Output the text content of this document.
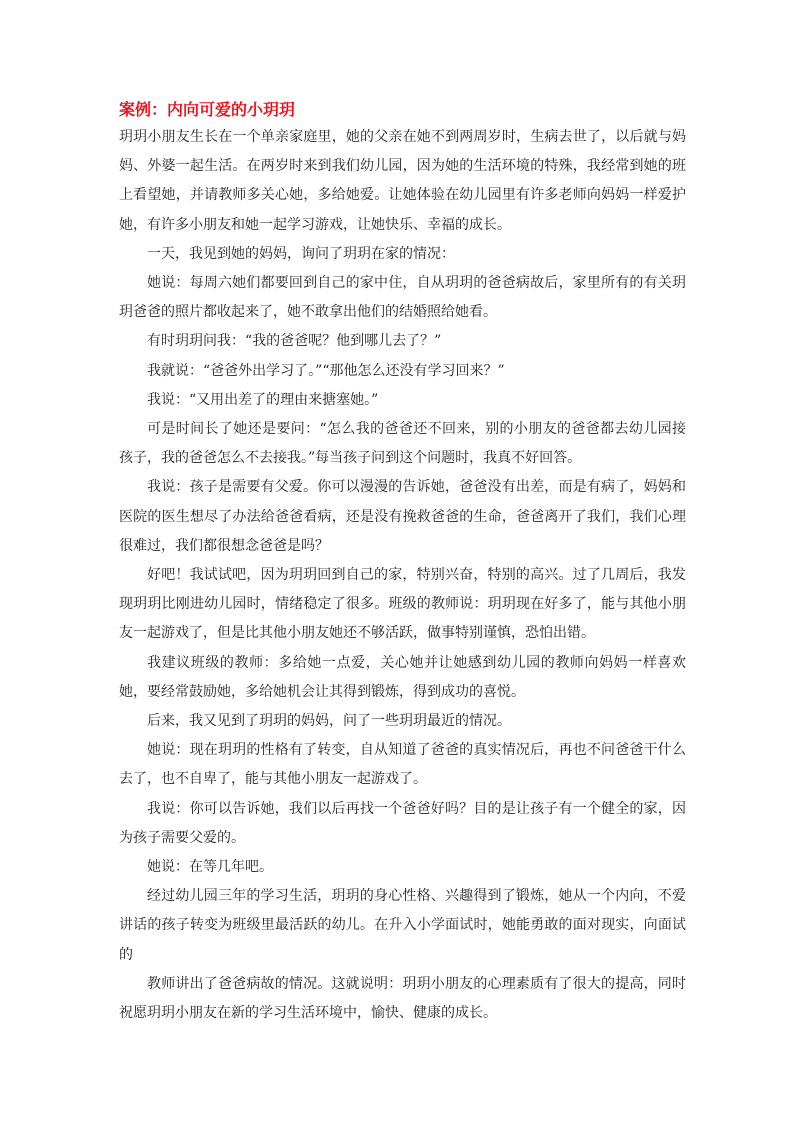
案例：内向可爱的小玥玥

玥玥小朋友生长在一个单亲家庭里，她的父亲在她不到两周岁时，生病去世了，以后就与妈妈、外婆一起生活。在两岁时来到我们幼儿园，因为她的生活环境的特殊，我经常到她的班上看望她，并请教师多关心她，多给她爱。让她体验在幼儿园里有许多老师向妈妈一样爱护她，有许多小朋友和她一起学习游戏，让她快乐、幸福的成长。

一天，我见到她的妈妈，询问了玥玥在家的情况：

她说：每周六她们都要回到自己的家中住，自从玥玥的爸爸病故后，家里所有的有关玥玥爸爸的照片都收起来了，她不敢拿出他们的结婚照给她看。

有时玥玥问我：“我的爸爸呢？他到哪儿去了？”

我就说：“爸爸外出学习了。”“那他怎么还没有学习回来？”

我说：“又用出差了的理由来搪塞她。”

可是时间长了她还是要问：“怎么我的爸爸还不回来，别的小朋友的爸爸都去幼儿园接孩子，我的爸爸怎么不去接我。”每当孩子问到这个问题时，我真不好回答。

我说：孩子是需要有父爱。你可以漫漫的告诉她，爸爸没有出差，而是有病了，妈妈和医院的医生想尽了办法给爸爸看病，还是没有挽救爸爸的生命，爸爸离开了我们，我们心理很难过，我们都很想念爸爸是吗？

好吧！我试试吧，因为玥玥回到自己的家，特别兴奋，特别的高兴。过了几周后，我发现玥玥比刚进幼儿园时，情绪稳定了很多。班级的教师说：玥玥现在好多了，能与其他小朋友一起游戏了，但是比其他小朋友她还不够活跃，做事特别谨慎，恐怕出错。

我建议班级的教师：多给她一点爱，关心她并让她感到幼儿园的教师向妈妈一样喜欢她，要经常鼓励她，多给她机会让其得到锻炼，得到成功的喜悦。

后来，我又见到了玥玥的妈妈，问了一些玥玥最近的情况。

她说：现在玥玥的性格有了转变，自从知道了爸爸的真实情况后，再也不问爸爸干什么去了，也不自卑了，能与其他小朋友一起游戏了。

我说：你可以告诉她，我们以后再找一个爸爸好吗？目的是让孩子有一个健全的家，因为孩子需要父爱的。

她说：在等几年吧。

经过幼儿园三年的学习生活，玥玥的身心性格、兴趣得到了锻炼，她从一个内向，不爱讲话的孩子转变为班级里最活跃的幼儿。在升入小学面试时，她能勇敢的面对现实，向面试的

教师讲出了爸爸病故的情况。这就说明：玥玥小朋友的心理素质有了很大的提高，同时祝愿玥玥小朋友在新的学习生活环境中，愉快、健康的成长。
